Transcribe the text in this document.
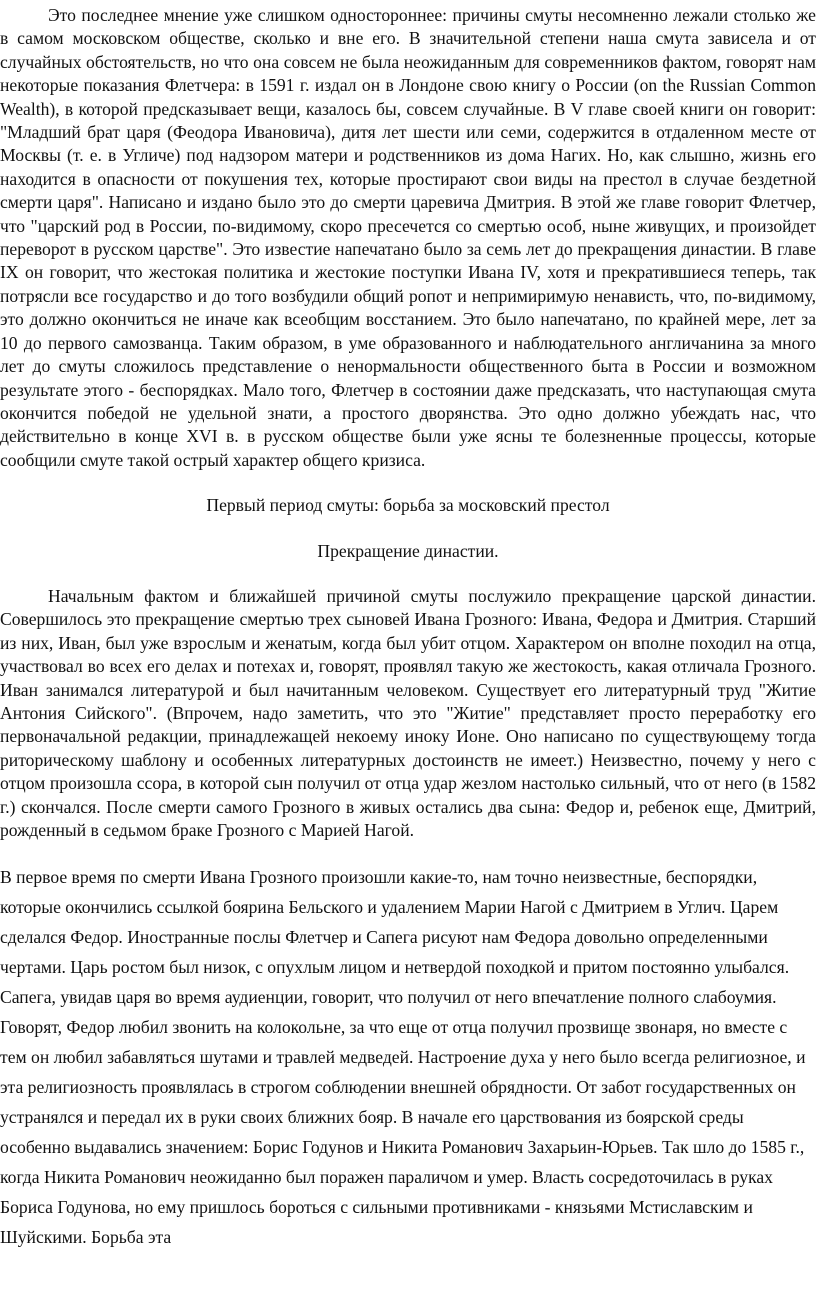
Это последнее мнение уже слишком одностороннее: причины смуты несомненно лежали столько же в самом московском обществе, сколько и вне его. В значительной степени наша смута зависела и от случайных обстоятельств, но что она совсем не была неожиданным для современников фактом, говорят нам некоторые показания Флетчера: в 1591 г. издал он в Лондоне свою книгу о России (on the Russian Common Wealth), в которой предсказывает вещи, казалось бы, совсем случайные. В V главе своей книги он говорит: "Младший брат царя (Феодора Ивановича), дитя лет шести или семи, содержится в отдаленном месте от Москвы (т. е. в Угличе) под надзором матери и родственников из дома Нагих. Но, как слышно, жизнь его находится в опасности от покушения тех, которые простирают свои виды на престол в случае бездетной смерти царя". Написано и издано было это до смерти царевича Дмитрия. В этой же главе говорит Флетчер, что "царский род в России, по-видимому, скоро пресечется со смертью особ, ныне живущих, и произойдет переворот в русском царстве". Это известие напечатано было за семь лет до прекращения династии. В главе IX он говорит, что жестокая политика и жестокие поступки Ивана IV, хотя и прекратившиеся теперь, так потрясли все государство и до того возбудили общий ропот и непримиримую ненависть, что, по-видимому, это должно окончиться не иначе как всеобщим восстанием. Это было напечатано, по крайней мере, лет за 10 до первого самозванца. Таким образом, в уме образованного и наблюдательного англичанина за много лет до смуты сложилось представление о ненормальности общественного быта в России и возможном результате этого - беспорядках. Мало того, Флетчер в состоянии даже предсказать, что наступающая смута окончится победой не удельной знати, а простого дворянства. Это одно должно убеждать нас, что действительно в конце XVI в. в русском обществе были уже ясны те болезненные процессы, которые сообщили смуте такой острый характер общего кризиса.

Первый период смуты: борьба за московский престол

Прекращение династии.

Начальным фактом и ближайшей причиной смуты послужило прекращение царской династии. Совершилось это прекращение смертью трех сыновей Ивана Грозного: Ивана, Федора и Дмитрия. Старший из них, Иван, был уже взрослым и женатым, когда был убит отцом. Характером он вполне походил на отца, участвовал во всех его делах и потехах и, говорят, проявлял такую же жестокость, какая отличала Грозного. Иван занимался литературой и был начитанным человеком. Существует его литературный труд "Житие Антония Сийского". (Впрочем, надо заметить, что это "Житие" представляет просто переработку его первоначальной редакции, принадлежащей некоему иноку Ионе. Оно написано по существующему тогда риторическому шаблону и особенных литературных достоинств не имеет.) Неизвестно, почему у него с отцом произошла ссора, в которой сын получил от отца удар жезлом настолько сильный, что от него (в 1582 г.) скончался. После смерти самого Грозного в живых остались два сына: Федор и, ребенок еще, Дмитрий, рожденный в седьмом браке Грозного с Марией Нагой.

В первое время по смерти Ивана Грозного произошли какие-то, нам точно неизвестные, беспорядки, которые окончились ссылкой боярина Бельского и удалением Марии Нагой с Дмитрием в Углич. Царем сделался Федор. Иностранные послы Флетчер и Сапега рисуют нам Федора довольно определенными чертами. Царь ростом был низок, с опухлым лицом и нетвердой походкой и притом постоянно улыбался. Сапега, увидав царя во время аудиенции, говорит, что получил от него впечатление полного слабоумия. Говорят, Федор любил звонить на колокольне, за что еще от отца получил прозвище звонаря, но вместе с тем он любил забавляться шутами и травлей медведей. Настроение духа у него было всегда религиозное, и эта религиозность проявлялась в строгом соблюдении внешней обрядности. От забот государственных он устранялся и передал их в руки своих ближних бояр. В начале его царствования из боярской среды особенно выдавались значением: Борис Годунов и Никита Романович Захарьин-Юрьев. Так шло до 1585 г., когда Никита Романович неожиданно был поражен параличом и умер. Власть сосредоточилась в руках Бориса Годунова, но ему пришлось бороться с сильными противниками - князьями Мстиславским и Шуйскими. Борьба эта
